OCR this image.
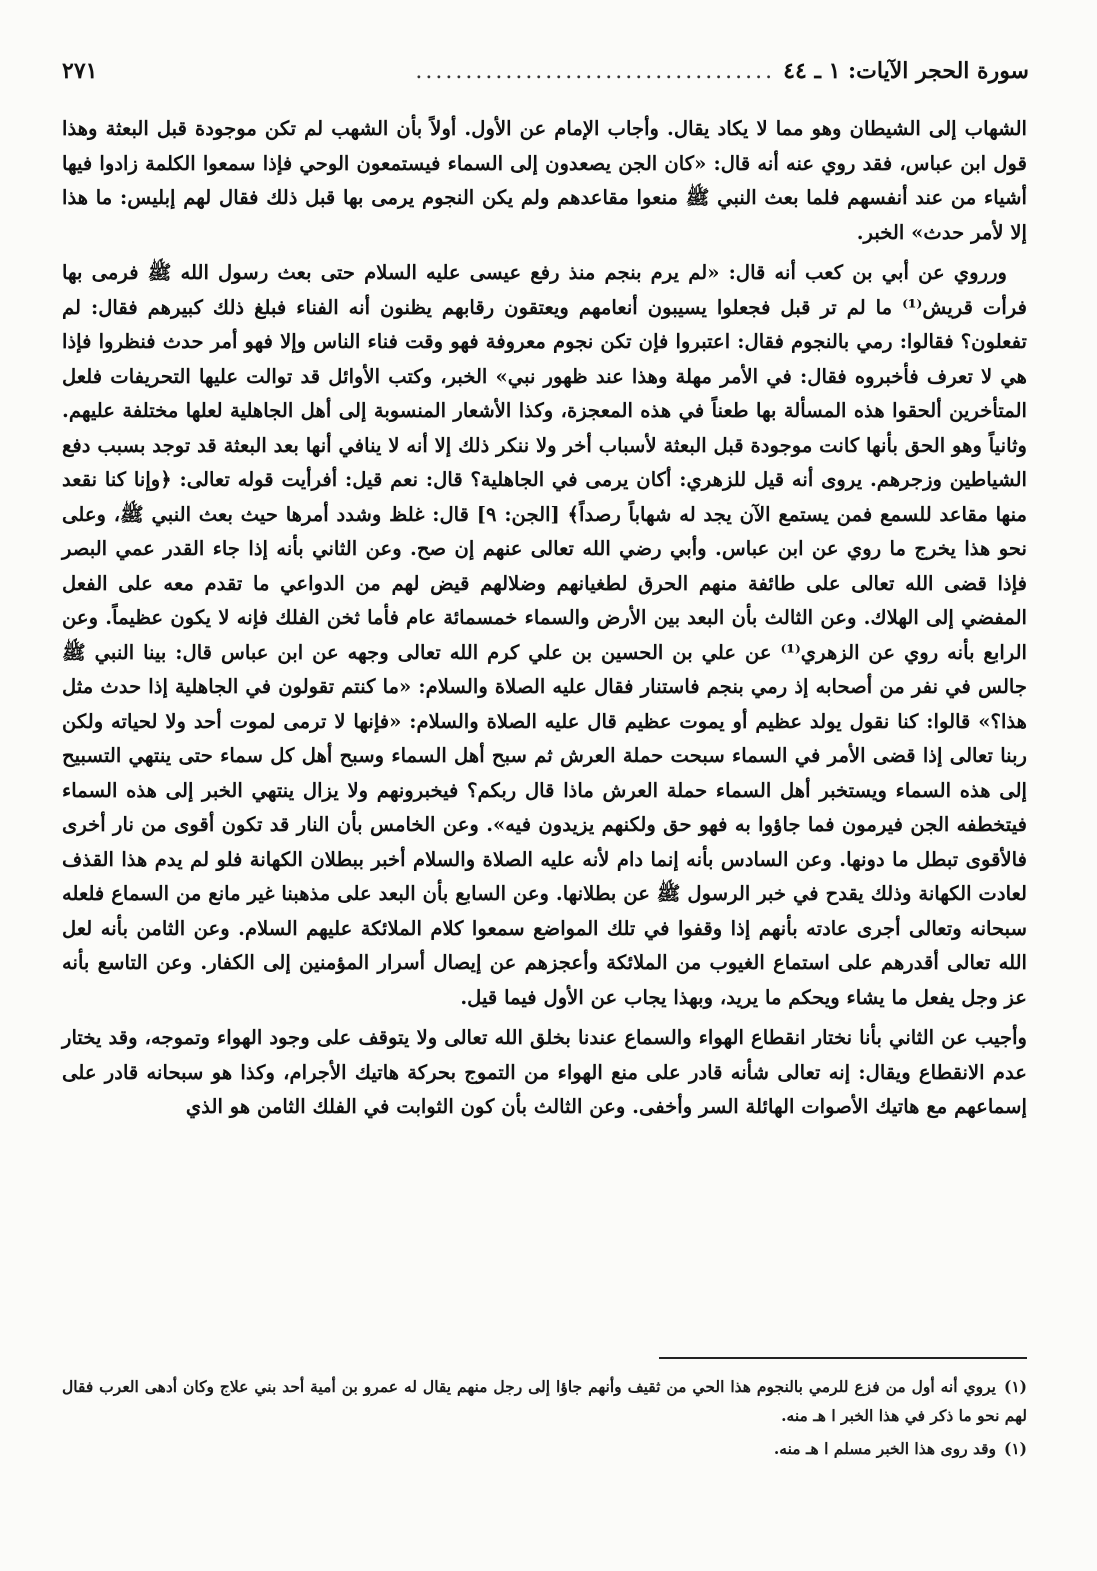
سورة الحجر الآيات: ١ ـ ٤٤
....................................
٢٧١

الشهاب إلى الشيطان وهو مما لا يكاد يقال. وأجاب الإمام عن الأول. أولاً بأن الشهب لم تكن موجودة قبل البعثة وهذا قول ابن عباس، فقد روي عنه أنه قال: «كان الجن يصعدون إلى السماء فيستمعون الوحي فإذا سمعوا الكلمة زادوا فيها أشياء من عند أنفسهم فلما بعث النبي ﷺ منعوا مقاعدهم ولم يكن النجوم يرمى بها قبل ذلك فقال لهم إبليس: ما هذا إلا لأمر حدث» الخبر.

ورروي عن أبي بن كعب أنه قال: «لم يرم بنجم منذ رفع عيسى عليه السلام حتى بعث رسول الله ﷺ فرمى بها فرأت قريش⁽¹⁾ ما لم تر قبل فجعلوا يسيبون أنعامهم ويعتقون رقابهم يظنون أنه الفناء فبلغ ذلك كبيرهم فقال: لم تفعلون؟ فقالوا: رمي بالنجوم فقال: اعتبروا فإن تكن نجوم معروفة فهو وقت فناء الناس وإلا فهو أمر حدث فنظروا فإذا هي لا تعرف فأخبروه فقال: في الأمر مهلة وهذا عند ظهور نبي» الخبر، وكتب الأوائل قد توالت عليها التحريفات فلعل المتأخرين ألحقوا هذه المسألة بها طعناً في هذه المعجزة، وكذا الأشعار المنسوبة إلى أهل الجاهلية لعلها مختلفة عليهم. وثانياً وهو الحق بأنها كانت موجودة قبل البعثة لأسباب أخر ولا ننكر ذلك إلا أنه لا ينافي أنها بعد البعثة قد توجد بسبب دفع الشياطين وزجرهم. يروى أنه قيل للزهري: أكان يرمى في الجاهلية؟ قال: نعم قيل: أفرأيت قوله تعالى: ﴿وإنا كنا نقعد منها مقاعد للسمع فمن يستمع الآن يجد له شهاباً رصداً﴾ [الجن: ٩] قال: غلظ وشدد أمرها حيث بعث النبي ﷺ، وعلى نحو هذا يخرج ما روي عن ابن عباس. وأبي رضي الله تعالى عنهم إن صح. وعن الثاني بأنه إذا جاء القدر عمي البصر فإذا قضى الله تعالى على طائفة منهم الحرق لطغيانهم وضلالهم قيض لهم من الدواعي ما تقدم معه على الفعل المفضي إلى الهلاك. وعن الثالث بأن البعد بين الأرض والسماء خمسمائة عام فأما ثخن الفلك فإنه لا يكون عظيماً. وعن الرابع بأنه روي عن الزهري⁽¹⁾ عن علي بن الحسين بن علي كرم الله تعالى وجهه عن ابن عباس قال: بينا النبي ﷺ جالس في نفر من أصحابه إذ رمي بنجم فاستنار فقال عليه الصلاة والسلام: «ما كنتم تقولون في الجاهلية إذا حدث مثل هذا؟» قالوا: كنا نقول يولد عظيم أو يموت عظيم قال عليه الصلاة والسلام: «فإنها لا ترمى لموت أحد ولا لحياته ولكن ربنا تعالى إذا قضى الأمر في السماء سبحت حملة العرش ثم سبح أهل السماء وسبح أهل كل سماء حتى ينتهي التسبيح إلى هذه السماء ويستخبر أهل السماء حملة العرش ماذا قال ربكم؟ فيخبرونهم ولا يزال ينتهي الخبر إلى هذه السماء فيتخطفه الجن فيرمون فما جاؤوا به فهو حق ولكنهم يزيدون فيه». وعن الخامس بأن النار قد تكون أقوى من نار أخرى فالأقوى تبطل ما دونها. وعن السادس بأنه إنما دام لأنه عليه الصلاة والسلام أخبر ببطلان الكهانة فلو لم يدم هذا القذف لعادت الكهانة وذلك يقدح في خبر الرسول ﷺ عن بطلانها. وعن السابع بأن البعد على مذهبنا غير مانع من السماع فلعله سبحانه وتعالى أجرى عادته بأنهم إذا وقفوا في تلك المواضع سمعوا كلام الملائكة عليهم السلام. وعن الثامن بأنه لعل الله تعالى أقدرهم على استماع الغيوب من الملائكة وأعجزهم عن إيصال أسرار المؤمنين إلى الكفار. وعن التاسع بأنه عز وجل يفعل ما يشاء ويحكم ما يريد، وبهذا يجاب عن الأول فيما قيل.

وأجيب عن الثاني بأنا نختار انقطاع الهواء والسماع عندنا بخلق الله تعالى ولا يتوقف على وجود الهواء وتموجه، وقد يختار عدم الانقطاع ويقال: إنه تعالى شأنه قادر على منع الهواء من التموج بحركة هاتيك الأجرام، وكذا هو سبحانه قادر على إسماعهم مع هاتيك الأصوات الهائلة السر وأخفى. وعن الثالث بأن كون الثوابت في الفلك الثامن هو الذي

(١)يروي أنه أول من فزع للرمي بالنجوم هذا الحي من ثقيف وأنهم جاؤا إلى رجل منهم يقال له عمرو بن أمية أحد بني علاج وكان أدهى العرب فقال لهم نحو ما ذكر في هذا الخبر ا هـ منه.
(١)وقد روى هذا الخبر مسلم ا هـ منه.
